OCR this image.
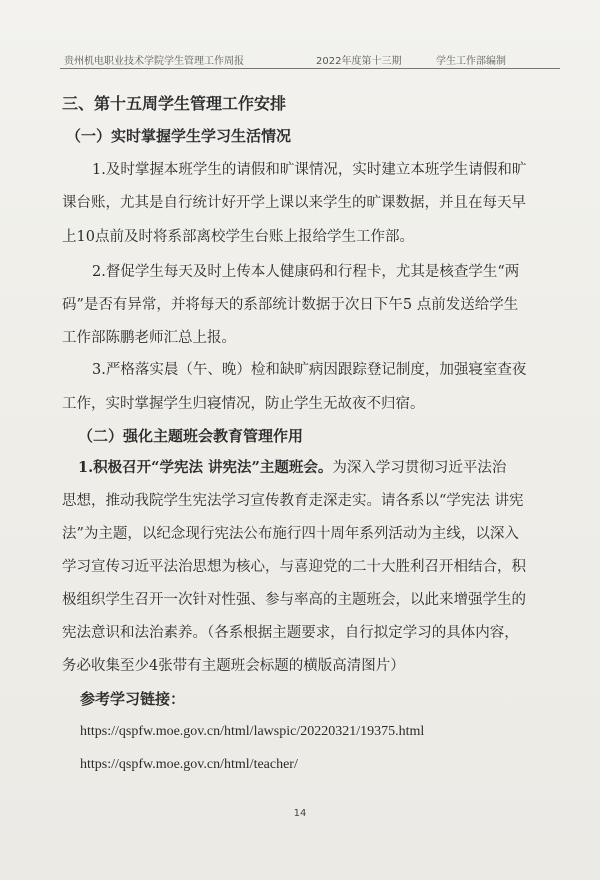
贵州机电职业技术学院学生管理工作周报	2022年度第十三期	学生工作部编制
三、第十五周学生管理工作安排
（一）实时掌握学生学习生活情况
1.及时掌握本班学生的请假和旷课情况，实时建立本班学生请假和旷
课台账，尤其是自行统计好开学上课以来学生的旷课数据，并且在每天早
上10点前及时将系部离校学生台账上报给学生工作部。
2.督促学生每天及时上传本人健康码和行程卡，尤其是核查学生“两
码”是否有异常，并将每天的系部统计数据于次日下午5 点前发送给学生
工作部陈鹏老师汇总上报。
3.严格落实晨（午、晚）检和缺旷病因跟踪登记制度，加强寝室查夜
工作，实时掌握学生归寝情况，防止学生无故夜不归宿。
（二）强化主题班会教育管理作用
1.积极召开“学宪法 讲宪法”主题班会。为深入学习贯彻习近平法治
思想，推动我院学生宪法学习宣传教育走深走实。请各系以“学宪法 讲宪
法”为主题，以纪念现行宪法公布施行四十周年系列活动为主线，以深入
学习宣传习近平法治思想为核心，与喜迎党的二十大胜利召开相结合，积
极组织学生召开一次针对性强、参与率高的主题班会，以此来增强学生的
宪法意识和法治素养。（各系根据主题要求，自行拟定学习的具体内容，
务必收集至少4张带有主题班会标题的横版高清图片）
参考学习链接：
https://qspfw.moe.gov.cn/html/lawspic/20220321/19375.html
https://qspfw.moe.gov.cn/html/teacher/
14
